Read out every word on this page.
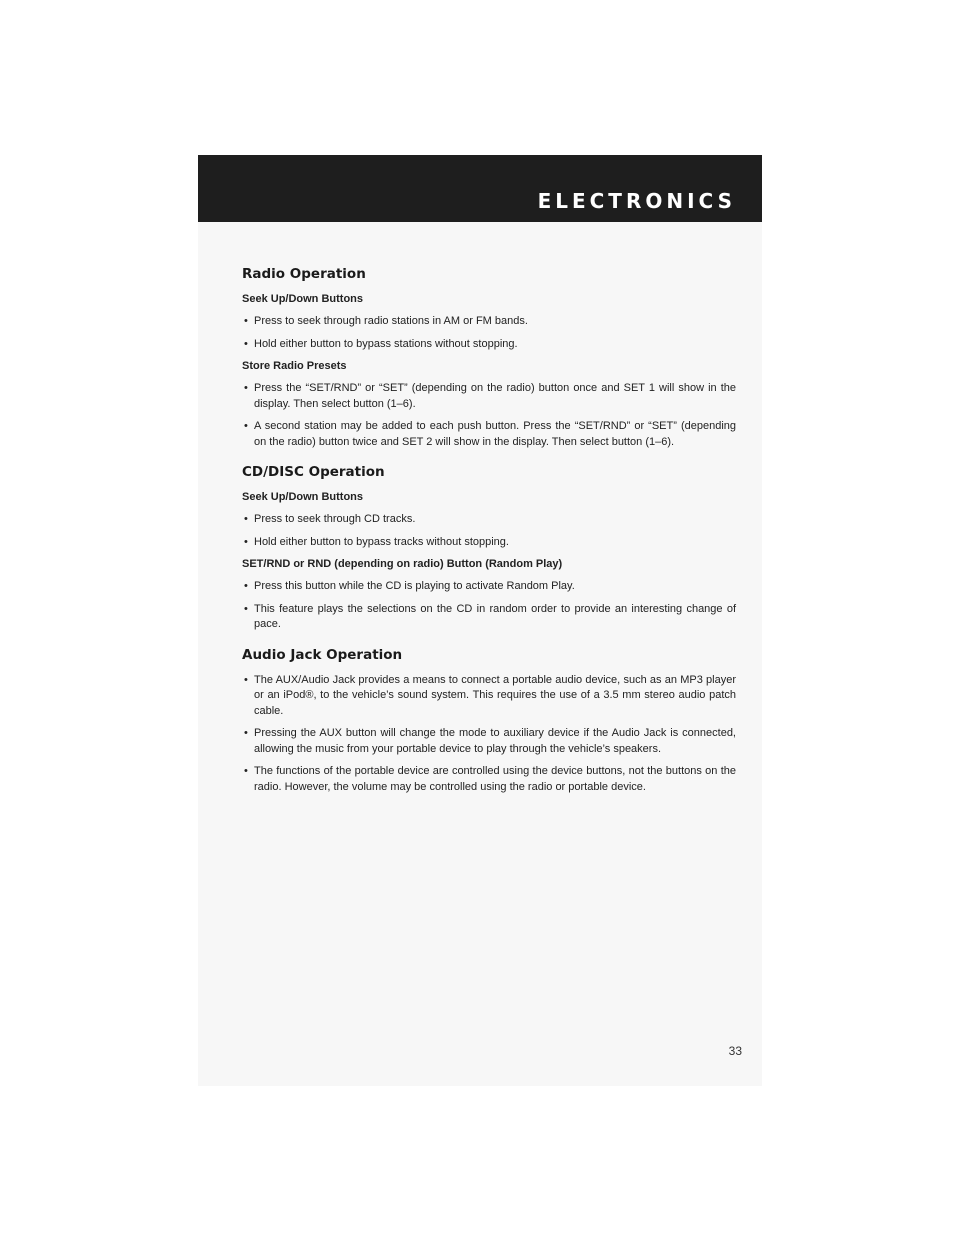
ELECTRONICS
Radio Operation
Seek Up/Down Buttons
• Press to seek through radio stations in AM or FM bands.
• Hold either button to bypass stations without stopping.
Store Radio Presets
• Press the “SET/RND” or “SET” (depending on the radio) button once and SET 1 will show in the display. Then select button (1–6).
• A second station may be added to each push button. Press the “SET/RND” or “SET” (depending on the radio) button twice and SET 2 will show in the display. Then select button (1–6).
CD/DISC Operation
Seek Up/Down Buttons
• Press to seek through CD tracks.
• Hold either button to bypass tracks without stopping.
SET/RND or RND (depending on radio) Button (Random Play)
• Press this button while the CD is playing to activate Random Play.
• This feature plays the selections on the CD in random order to provide an interesting change of pace.
Audio Jack Operation
• The AUX/Audio Jack provides a means to connect a portable audio device, such as an MP3 player or an iPod®, to the vehicle’s sound system. This requires the use of a 3.5 mm stereo audio patch cable.
• Pressing the AUX button will change the mode to auxiliary device if the Audio Jack is connected, allowing the music from your portable device to play through the vehicle’s speakers.
• The functions of the portable device are controlled using the device buttons, not the buttons on the radio. However, the volume may be controlled using the radio or portable device.
33
